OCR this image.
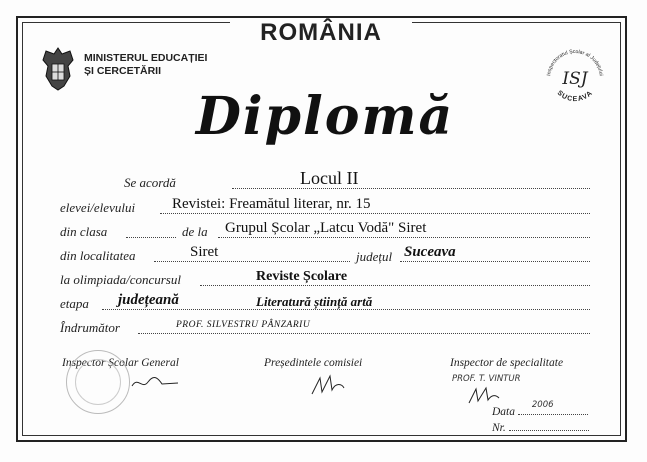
ROMÂNIA
MINISTERUL EDUCAȚIEI
ȘI CERCETĂRII	Inspectoratul Școlar al Județului
ISJ
SUCEAVA
Diplomă
Se acordă	Locul II
elevei/elevului Revistei: Freamătul literar, nr. 15
din clasa	de la Grupul Școlar „Latcu Vodă" Siret
din localitatea	Siret	județul Suceava
la olimpiada/concursul	Reviste Școlare
etapa județeană	Literatură știință artă
Îndrumător	PROF. SILVESTRU PÂNZARIU
Inspector Școlar General	Președintele comisiei	Inspector de specialitate
PROF. T. VINTUR
Data
2006
Nr.
